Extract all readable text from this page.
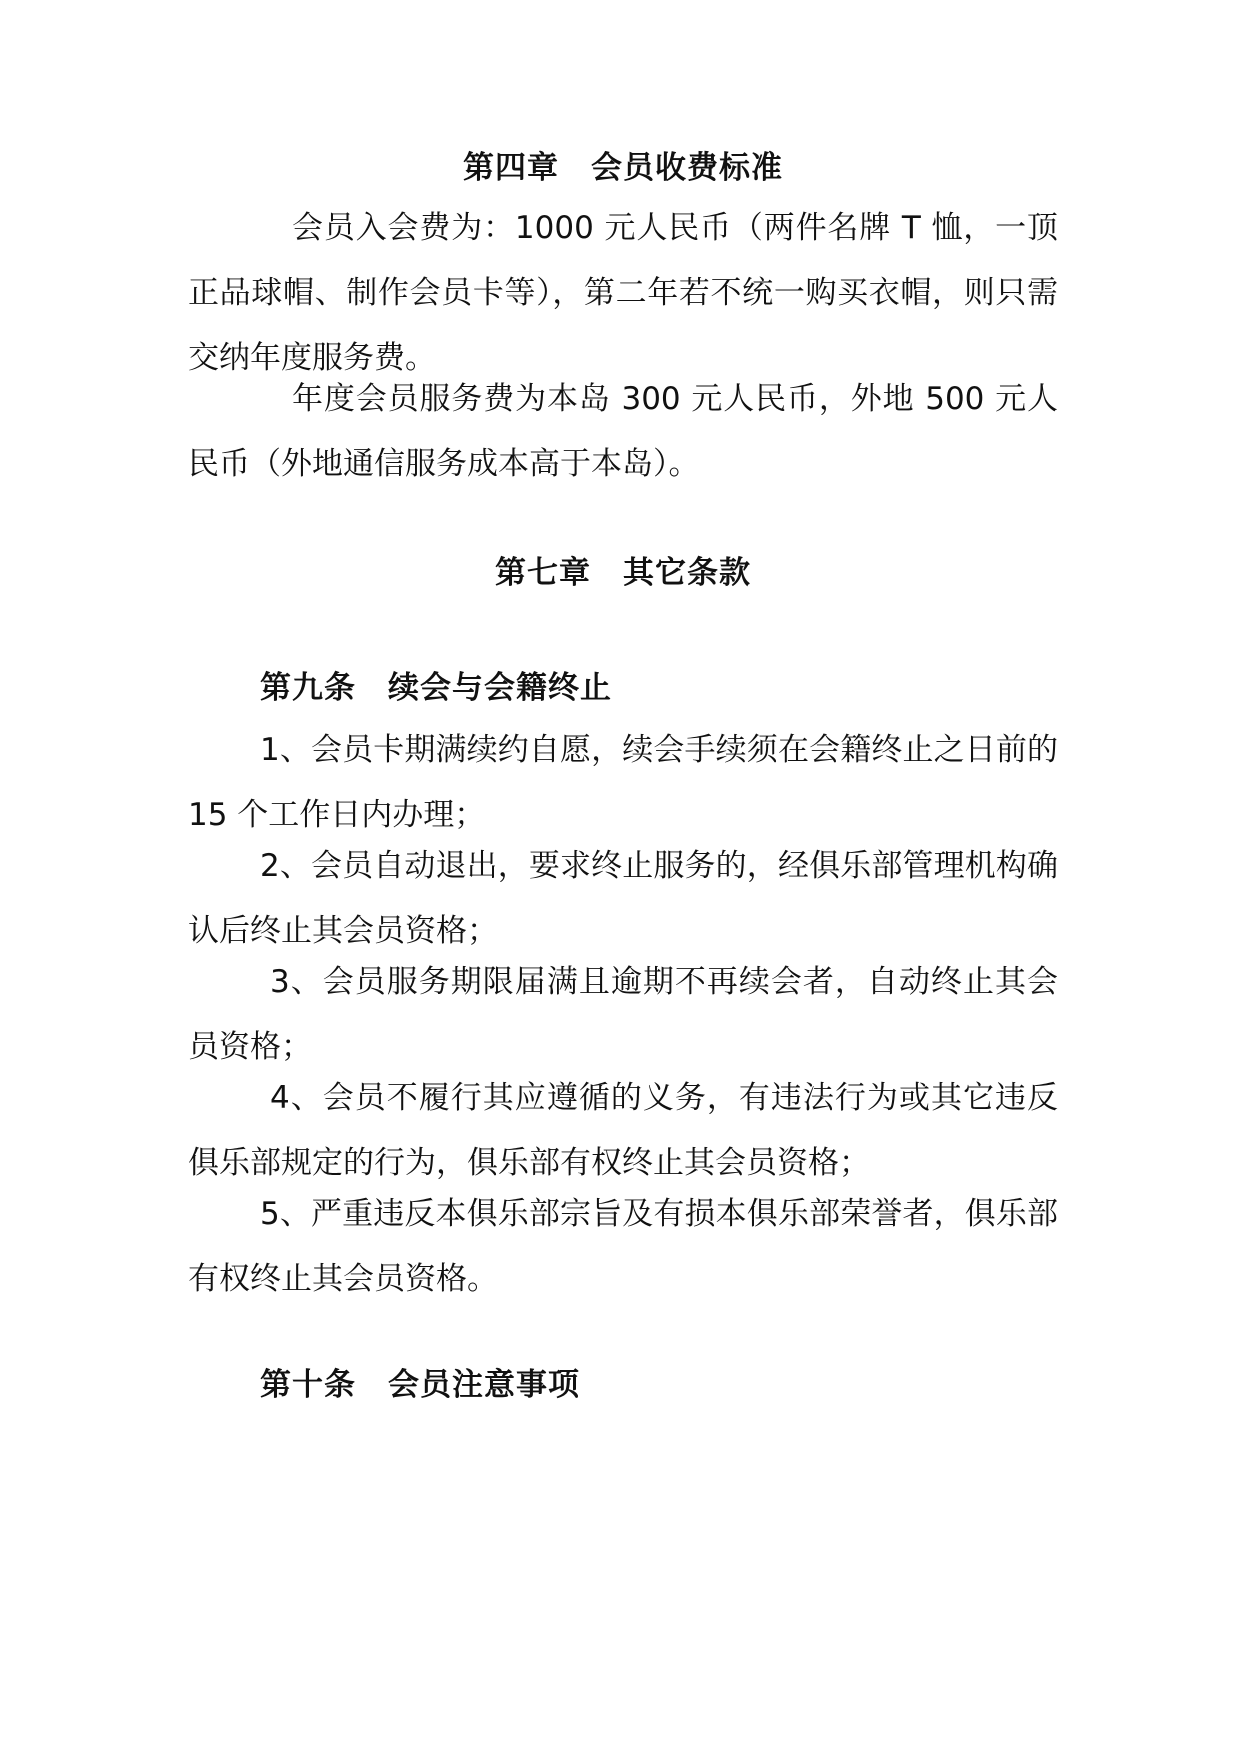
第四章　会员收费标准

会员入会费为：1000 元人民币（两件名牌 T 恤，一顶正品球帽、制作会员卡等），第二年若不统一购买衣帽，则只需交纳年度服务费。

年度会员服务费为本岛 300 元人民币，外地 500 元人民币（外地通信服务成本高于本岛）。

第七章　其它条款
第九条　续会与会籍终止

1、会员卡期满续约自愿，续会手续须在会籍终止之日前的 15 个工作日内办理；

2、会员自动退出，要求终止服务的，经俱乐部管理机构确认后终止其会员资格；

3、会员服务期限届满且逾期不再续会者，自动终止其会员资格；

4、会员不履行其应遵循的义务，有违法行为或其它违反俱乐部规定的行为，俱乐部有权终止其会员资格；

5、严重违反本俱乐部宗旨及有损本俱乐部荣誉者，俱乐部有权终止其会员资格。

第十条　会员注意事项
